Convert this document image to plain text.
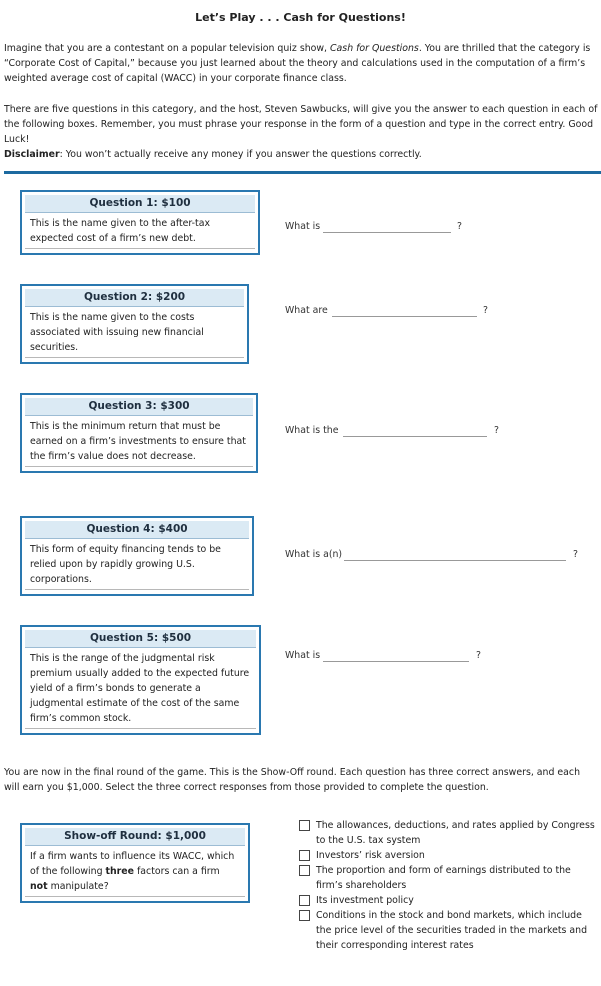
Let’s Play . . . Cash for Questions!
Imagine that you are a contestant on a popular television quiz show, Cash for Questions. You are thrilled that the category is “Corporate Cost of Capital,” because you just learned about the theory and calculations used in the computation of a firm’s weighted average cost of capital (WACC) in your corporate finance class.
There are five questions in this category, and the host, Steven Sawbucks, will give you the answer to each question in each of the following boxes. Remember, you must phrase your response in the form of a question and type in the correct entry. Good Luck!
Disclaimer: You won’t actually receive any money if you answer the questions correctly.
Question 1: $100
This is the name given to the after-tax expected cost of a firm’s new debt.
What is	?
Question 2: $200
This is the name given to the costs associated with issuing new financial securities.
What are	?
Question 3: $300
This is the minimum return that must be earned on a firm’s investments to ensure that the firm’s value does not decrease.
What is the	?
Question 4: $400
This form of equity financing tends to be relied upon by rapidly growing U.S. corporations.
What is a(n)	?
Question 5: $500
This is the range of the judgmental risk premium usually added to the expected future yield of a firm’s bonds to generate a judgmental estimate of the cost of the same firm’s common stock.
What is	?
You are now in the final round of the game. This is the Show-Off round. Each question has three correct answers, and each will earn you $1,000. Select the three correct responses from those provided to complete the question.
Show-off Round: $1,000
If a firm wants to influence its WACC, which of the following three factors can a firm not manipulate?
The allowances, deductions, and rates applied by Congress to the U.S. tax system
Investors’ risk aversion
The proportion and form of earnings distributed to the firm’s shareholders
Its investment policy
Conditions in the stock and bond markets, which include the price level of the securities traded in the markets and their corresponding interest rates
